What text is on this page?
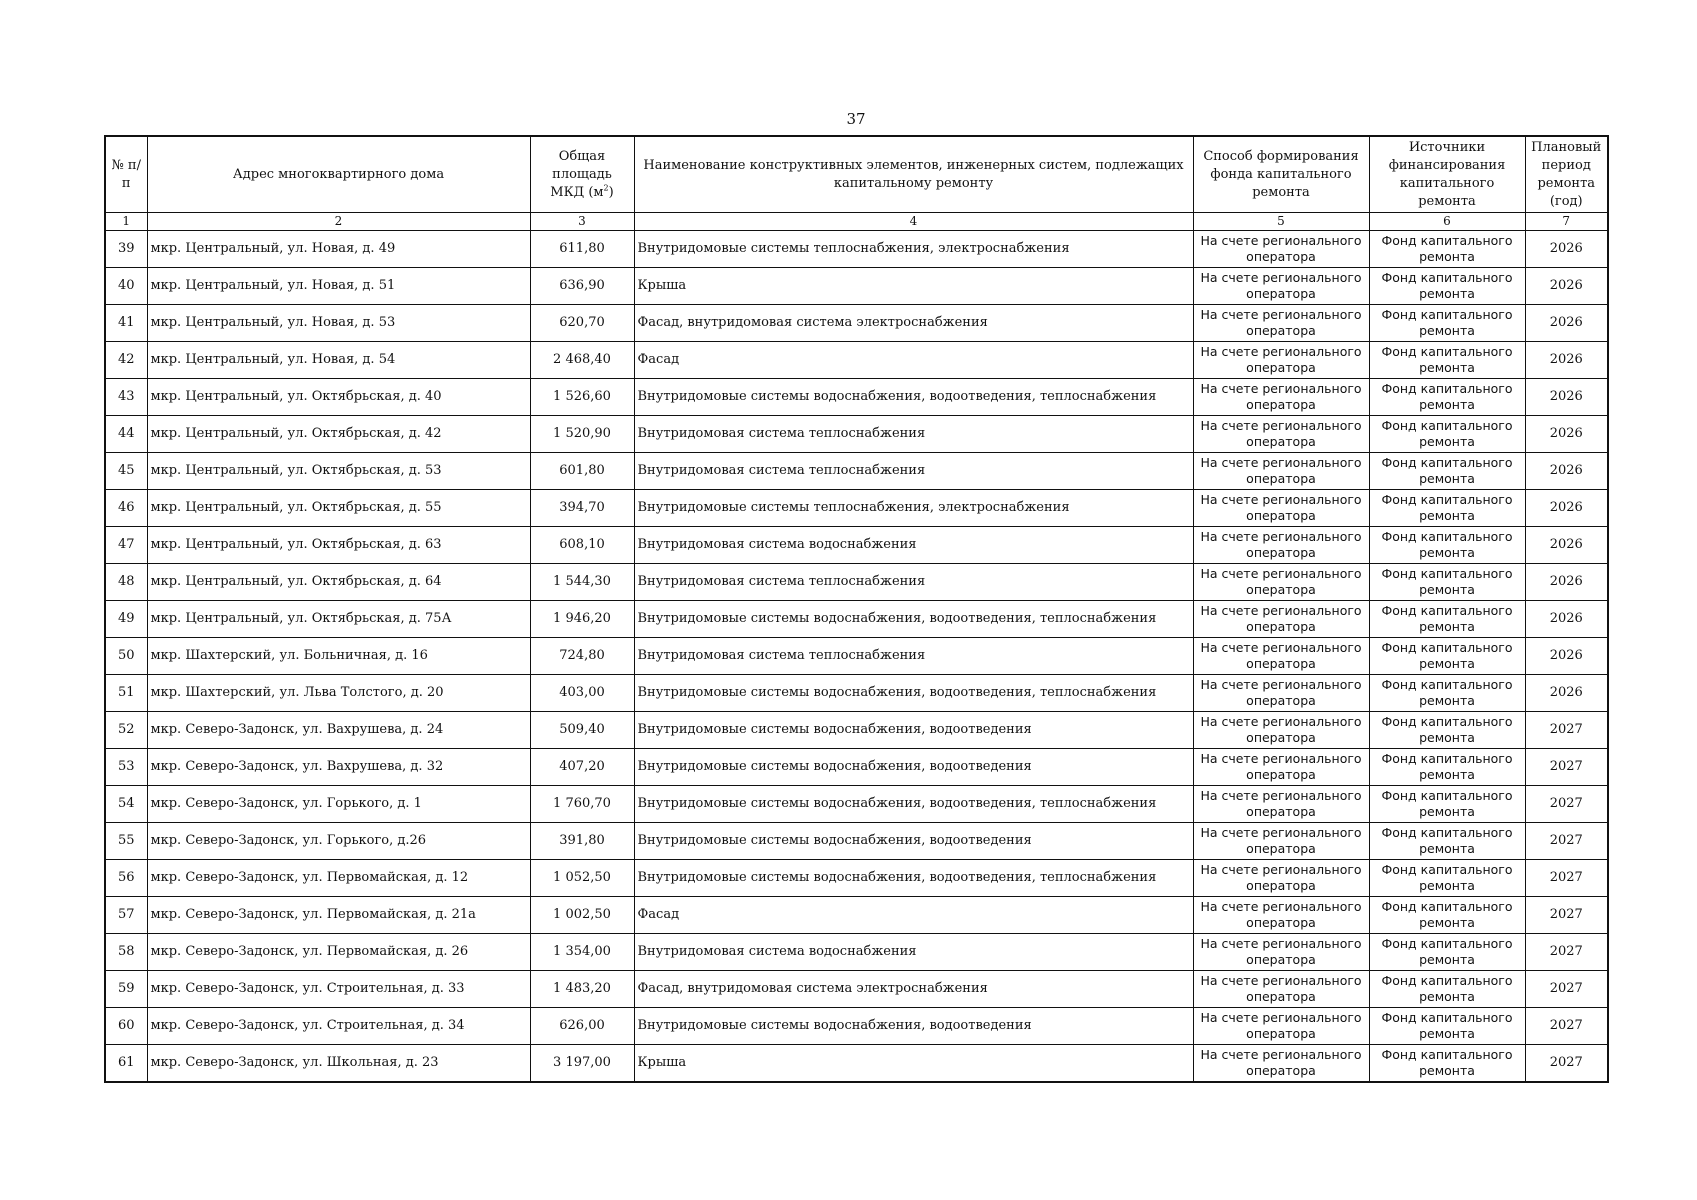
37
№ п/п	Адрес многоквартирного дома	Общая площадь МКД $(м^2)$	Наименование конструктивных элементов, инженерных систем, подлежащих капитальному ремонту	Способ формирования фонда капитального ремонта	Источники финансирования капитального ремонта	Плановый период ремонта (год)
1	2	3	4	5	6	7
39	мкр. Центральный, ул. Новая, д. 49	611,80	Внутридомовые системы теплоснабжения, электроснабжения	На счете регионального оператора	Фонд капитального ремонта	2026
40	мкр. Центральный, ул. Новая, д. 51	636,90	Крыша	На счете регионального оператора	Фонд капитального ремонта	2026
41	мкр. Центральный, ул. Новая, д. 53	620,70	Фасад, внутридомовая система электроснабжения	На счете регионального оператора	Фонд капитального ремонта	2026
42	мкр. Центральный, ул. Новая, д. 54	2 468,40	Фасад	На счете регионального оператора	Фонд капитального ремонта	2026
43	мкр. Центральный, ул. Октябрьская, д. 40	1 526,60	Внутридомовые системы водоснабжения, водоотведения, теплоснабжения	На счете регионального оператора	Фонд капитального ремонта	2026
44	мкр. Центральный, ул. Октябрьская, д. 42	1 520,90	Внутридомовая система теплоснабжения	На счете регионального оператора	Фонд капитального ремонта	2026
45	мкр. Центральный, ул. Октябрьская, д. 53	601,80	Внутридомовая система теплоснабжения	На счете регионального оператора	Фонд капитального ремонта	2026
46	мкр. Центральный, ул. Октябрьская, д. 55	394,70	Внутридомовые системы теплоснабжения, электроснабжения	На счете регионального оператора	Фонд капитального ремонта	2026
47	мкр. Центральный, ул. Октябрьская, д. 63	608,10	Внутридомовая система водоснабжения	На счете регионального оператора	Фонд капитального ремонта	2026
48	мкр. Центральный, ул. Октябрьская, д. 64	1 544,30	Внутридомовая система теплоснабжения	На счете регионального оператора	Фонд капитального ремонта	2026
49	мкр. Центральный, ул. Октябрьская, д. 75А	1 946,20	Внутридомовые системы водоснабжения, водоотведения, теплоснабжения	На счете регионального оператора	Фонд капитального ремонта	2026
50	мкр. Шахтерский, ул. Больничная, д. 16	724,80	Внутридомовая система теплоснабжения	На счете регионального оператора	Фонд капитального ремонта	2026
51	мкр. Шахтерский, ул. Льва Толстого, д. 20	403,00	Внутридомовые системы водоснабжения, водоотведения, теплоснабжения	На счете регионального оператора	Фонд капитального ремонта	2026
52	мкр. Северо-Задонск, ул. Вахрушева, д. 24	509,40	Внутридомовые системы водоснабжения, водоотведения	На счете регионального оператора	Фонд капитального ремонта	2027
53	мкр. Северо-Задонск, ул. Вахрушева, д. 32	407,20	Внутридомовые системы водоснабжения, водоотведения	На счете регионального оператора	Фонд капитального ремонта	2027
54	мкр. Северо-Задонск, ул. Горького, д. 1	1 760,70	Внутридомовые системы водоснабжения, водоотведения, теплоснабжения	На счете регионального оператора	Фонд капитального ремонта	2027
55	мкр. Северо-Задонск, ул. Горького, д.26	391,80	Внутридомовые системы водоснабжения, водоотведения	На счете регионального оператора	Фонд капитального ремонта	2027
56	мкр. Северо-Задонск, ул. Первомайская, д. 12	1 052,50	Внутридомовые системы водоснабжения, водоотведения, теплоснабжения	На счете регионального оператора	Фонд капитального ремонта	2027
57	мкр. Северо-Задонск, ул. Первомайская, д. 21а	1 002,50	Фасад	На счете регионального оператора	Фонд капитального ремонта	2027
58	мкр. Северо-Задонск, ул. Первомайская, д. 26	1 354,00	Внутридомовая система водоснабжения	На счете регионального оператора	Фонд капитального ремонта	2027
59	мкр. Северо-Задонск, ул. Строительная, д. 33	1 483,20	Фасад, внутридомовая система электроснабжения	На счете регионального оператора	Фонд капитального ремонта	2027
60	мкр. Северо-Задонск, ул. Строительная, д. 34	626,00	Внутридомовые системы водоснабжения, водоотведения	На счете регионального оператора	Фонд капитального ремонта	2027
61	мкр. Северо-Задонск, ул. Школьная, д. 23	3 197,00	Крыша	На счете регионального оператора	Фонд капитального ремонта	2027
